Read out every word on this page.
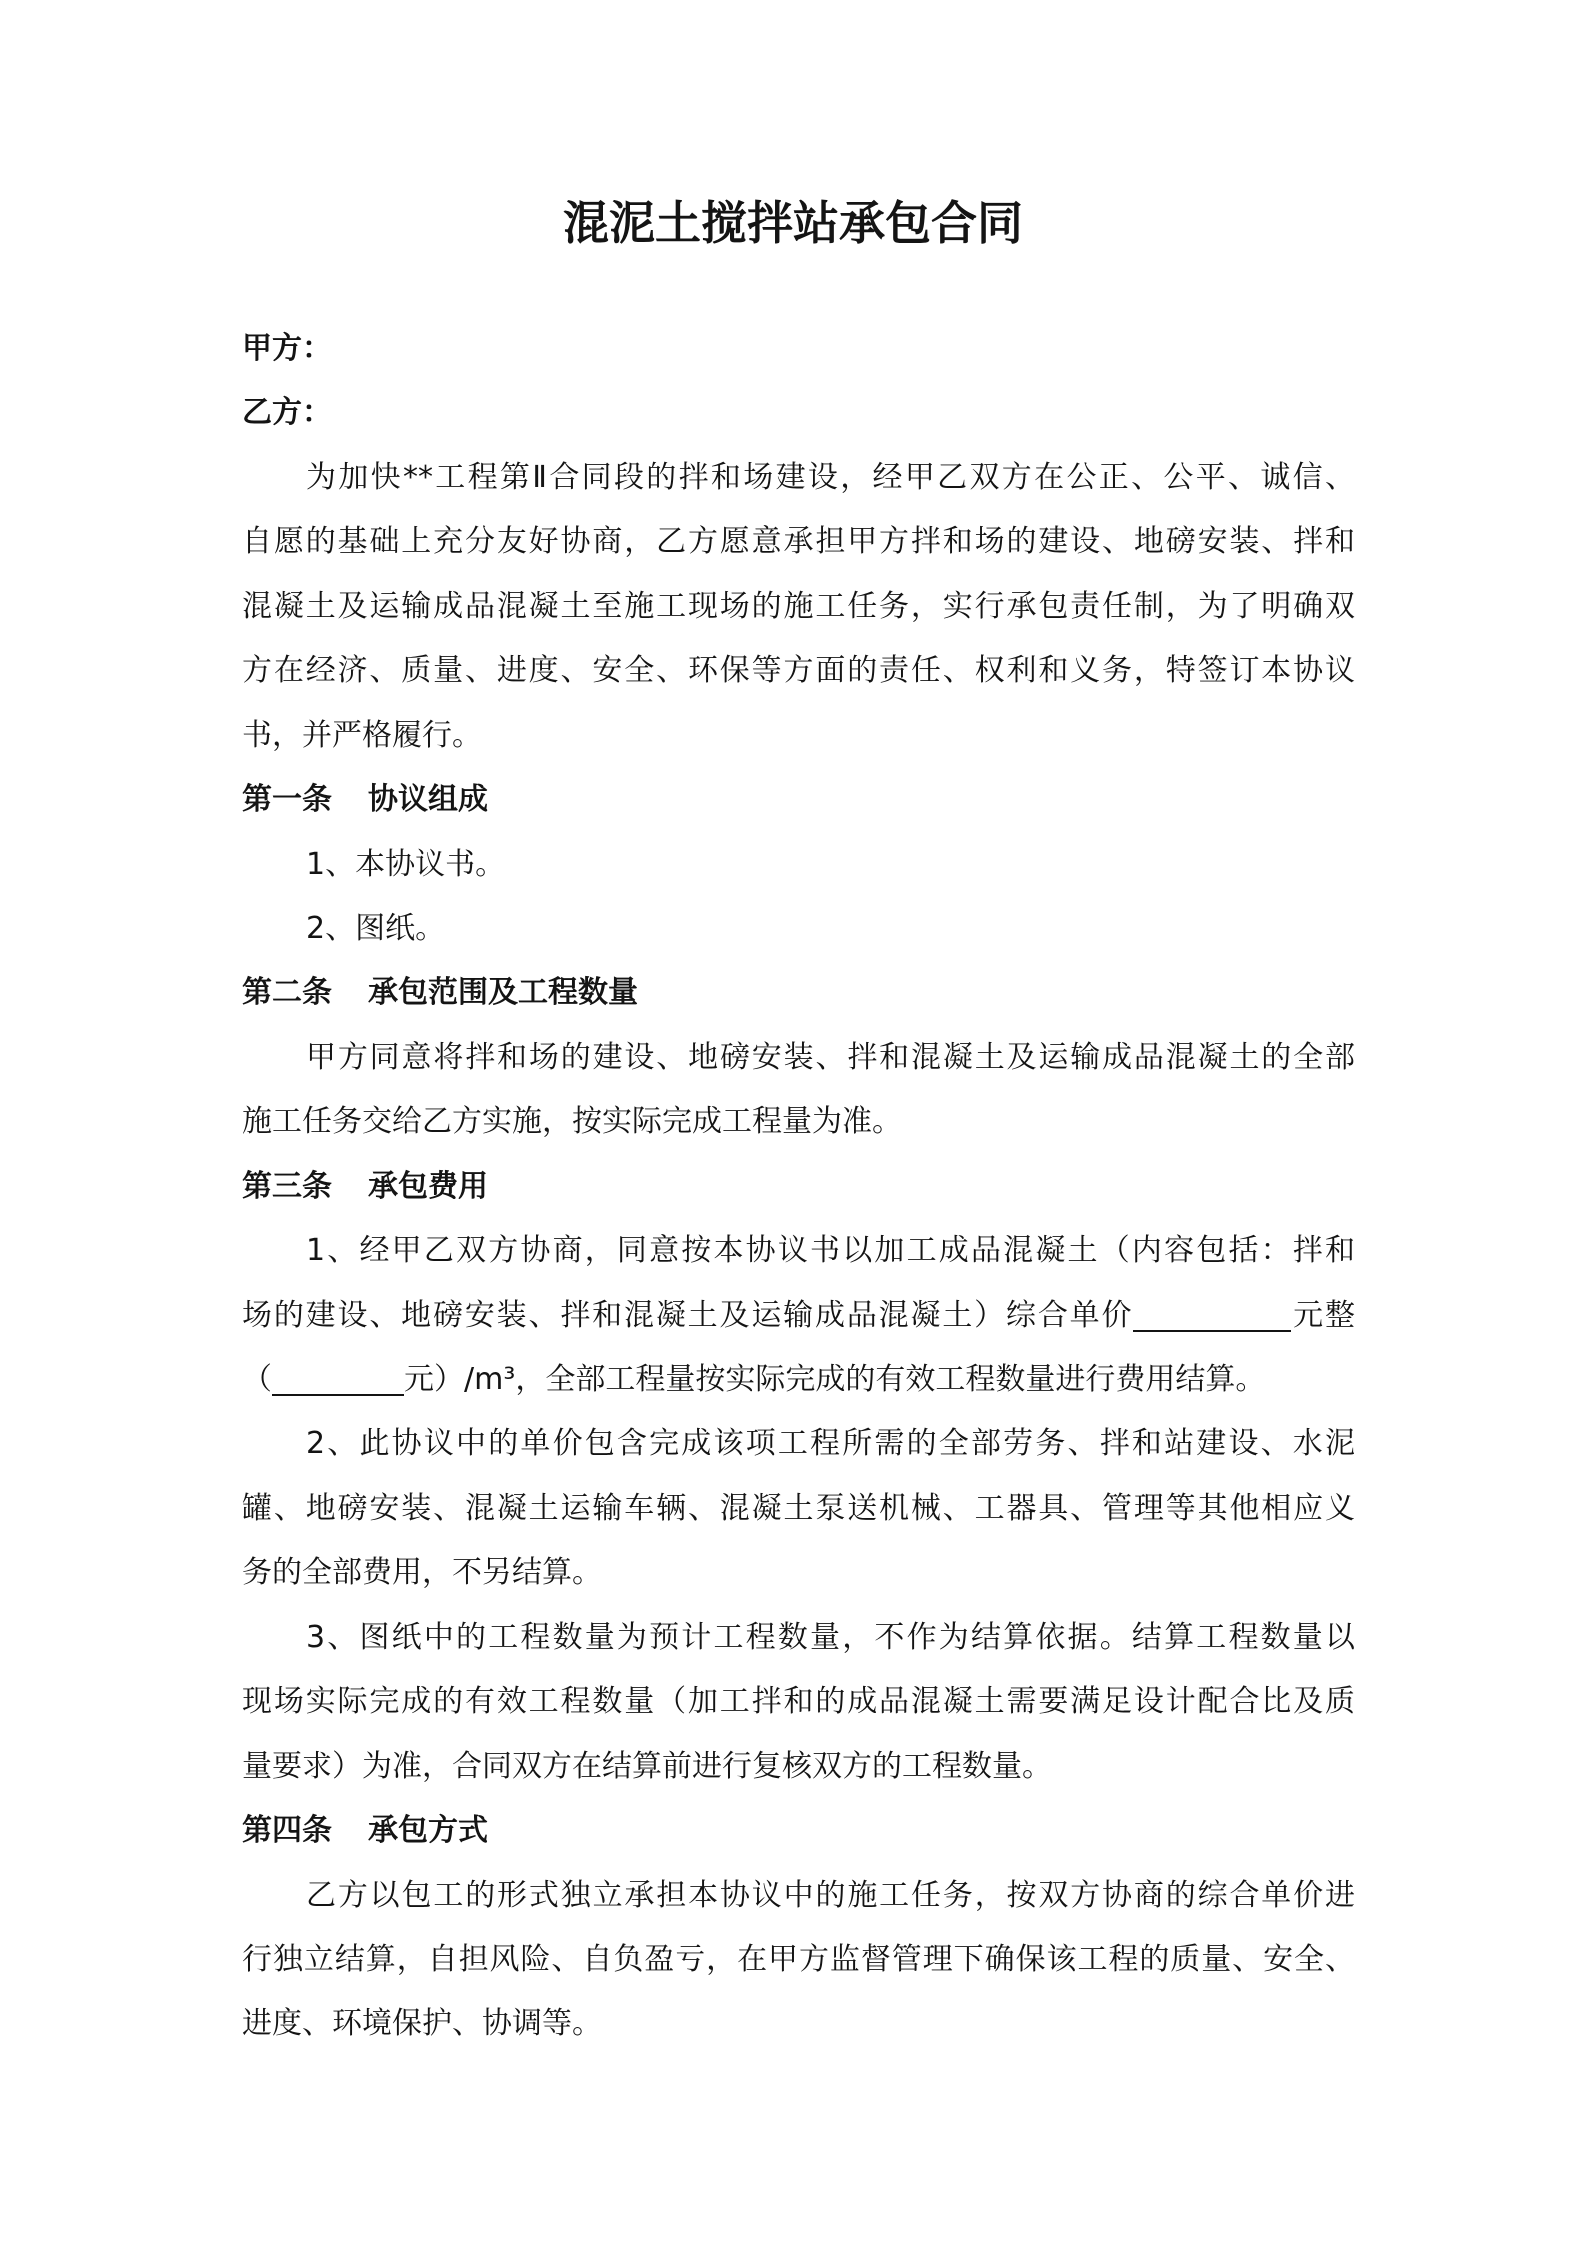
混泥土搅拌站承包合同
甲方：
乙方：
为加快**工程第Ⅱ合同段的拌和场建设，经甲乙双方在公正、公平、诚信、
自愿的基础上充分友好协商，乙方愿意承担甲方拌和场的建设、地磅安装、拌和
混凝土及运输成品混凝土至施工现场的施工任务，实行承包责任制，为了明确双
方在经济、质量、进度、安全、环保等方面的责任、权利和义务，特签订本协议
书，并严格履行。
第一条 协议组成
1、本协议书。
2、图纸。
第二条 承包范围及工程数量
甲方同意将拌和场的建设、地磅安装、拌和混凝土及运输成品混凝土的全部
施工任务交给乙方实施，按实际完成工程量为准。
第三条 承包费用
1、经甲乙双方协商，同意按本协议书以加工成品混凝土（内容包括：拌和
场的建设、地磅安装、拌和混凝土及运输成品混凝土）综合单价	元整
（	元）/m³，全部工程量按实际完成的有效工程数量进行费用结算。
2、此协议中的单价包含完成该项工程所需的全部劳务、拌和站建设、水泥
罐、地磅安装、混凝土运输车辆、混凝土泵送机械、工器具、管理等其他相应义
务的全部费用，不另结算。
3、图纸中的工程数量为预计工程数量，不作为结算依据。结算工程数量以
现场实际完成的有效工程数量（加工拌和的成品混凝土需要满足设计配合比及质
量要求）为准，合同双方在结算前进行复核双方的工程数量。
第四条 承包方式
乙方以包工的形式独立承担本协议中的施工任务，按双方协商的综合单价进
行独立结算，自担风险、自负盈亏，在甲方监督管理下确保该工程的质量、安全、
进度、环境保护、协调等。
